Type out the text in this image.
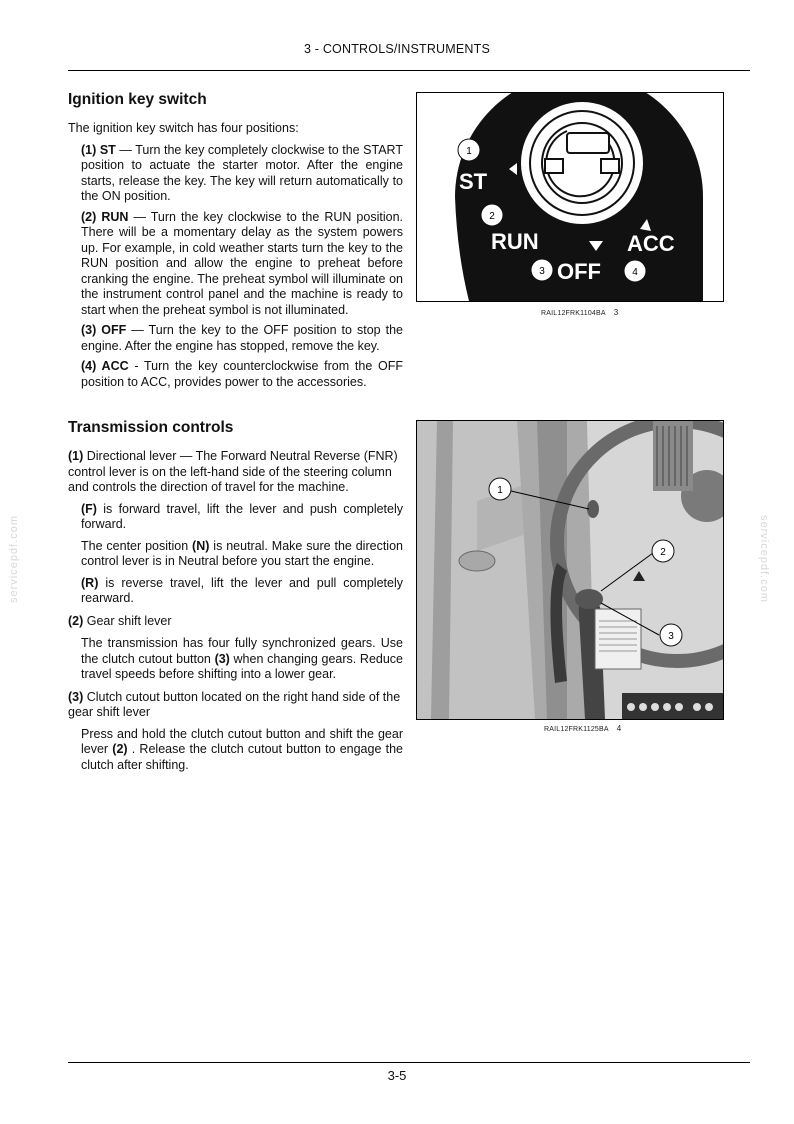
3 - CONTROLS/INSTRUMENTS
servicepdf.com	servicepdf.com
Ignition key switch

The ignition key switch has four positions:

(1) ST — Turn the key completely clockwise to the START position to actuate the starter motor. After the engine starts, release the key. The key will return automatically to the ON position.

(2) RUN — Turn the key clockwise to the RUN position. There will be a momentary delay as the system powers up. For example, in cold weather starts turn the key to the RUN position and allow the engine to preheat before cranking the engine. The preheat symbol will illuminate on the instrument control panel and the machine is ready to start when the preheat symbol is not illuminated.

(3) OFF — Turn the key to the OFF position to stop the engine. After the engine has stopped, remove the key.

(4) ACC - Turn the key counterclockwise from the OFF position to ACC, provides power to the accessories.

Transmission controls

(1) Directional lever — The Forward Neutral Reverse (FNR) control lever is on the left-hand side of the steering column and controls the direction of travel for the machine.

(F) is forward travel, lift the lever and push completely forward.

The center position (N) is neutral. Make sure the direction control lever is in Neutral before you start the engine.

(R) is reverse travel, lift the lever and pull completely rearward.

(2) Gear shift lever

The transmission has four fully synchronized gears. Use the clutch cutout button (3) when changing gears. Reduce travel speeds before shifting into a lower gear.

(3) Clutch cutout button located on the right hand side of the gear shift lever

Press and hold the clutch cutout button and shift the gear lever (2) . Release the clutch cutout button to engage the clutch after shifting.

ST
RUN
OFF
ACC
1
2
3	4
RAIL12FRK1104BA 3
1
2
3
RAIL12FRK1125BA 4
3-5
